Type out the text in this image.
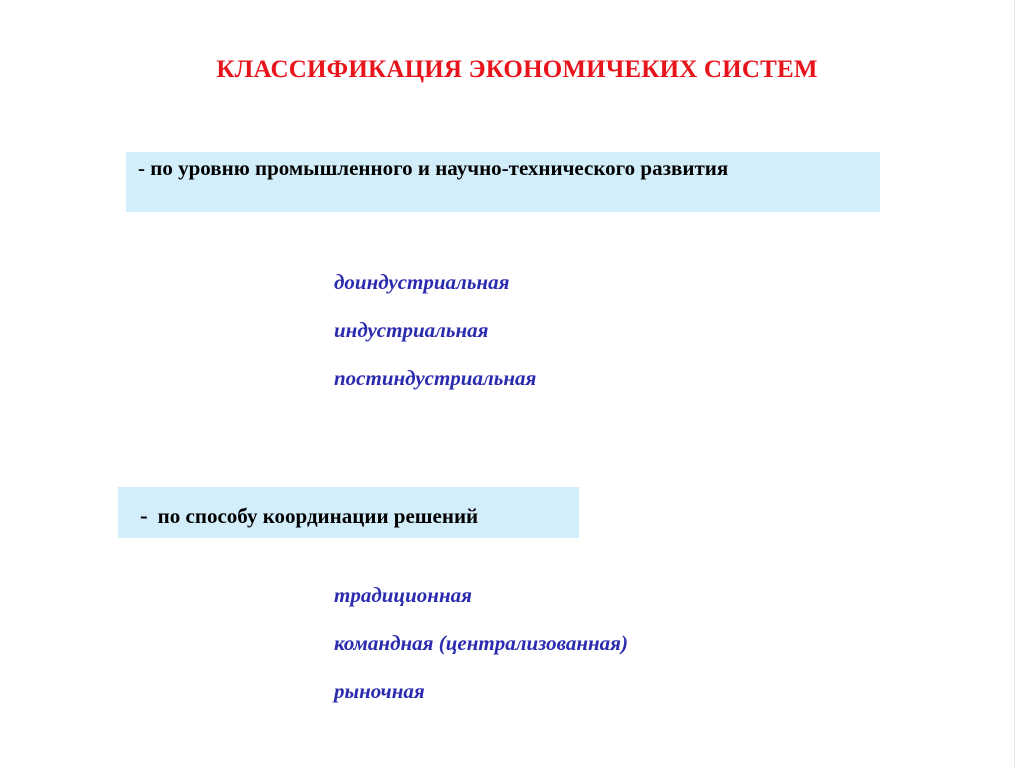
КЛАССИФИКАЦИЯ ЭКОНОМИЧЕКИХ СИСТЕМ
- по уровню промышленного и научно-технического развития
доиндустриальная
индустриальная
постиндустриальная
- по способу координации решений
традиционная
командная (централизованная)
рыночная
